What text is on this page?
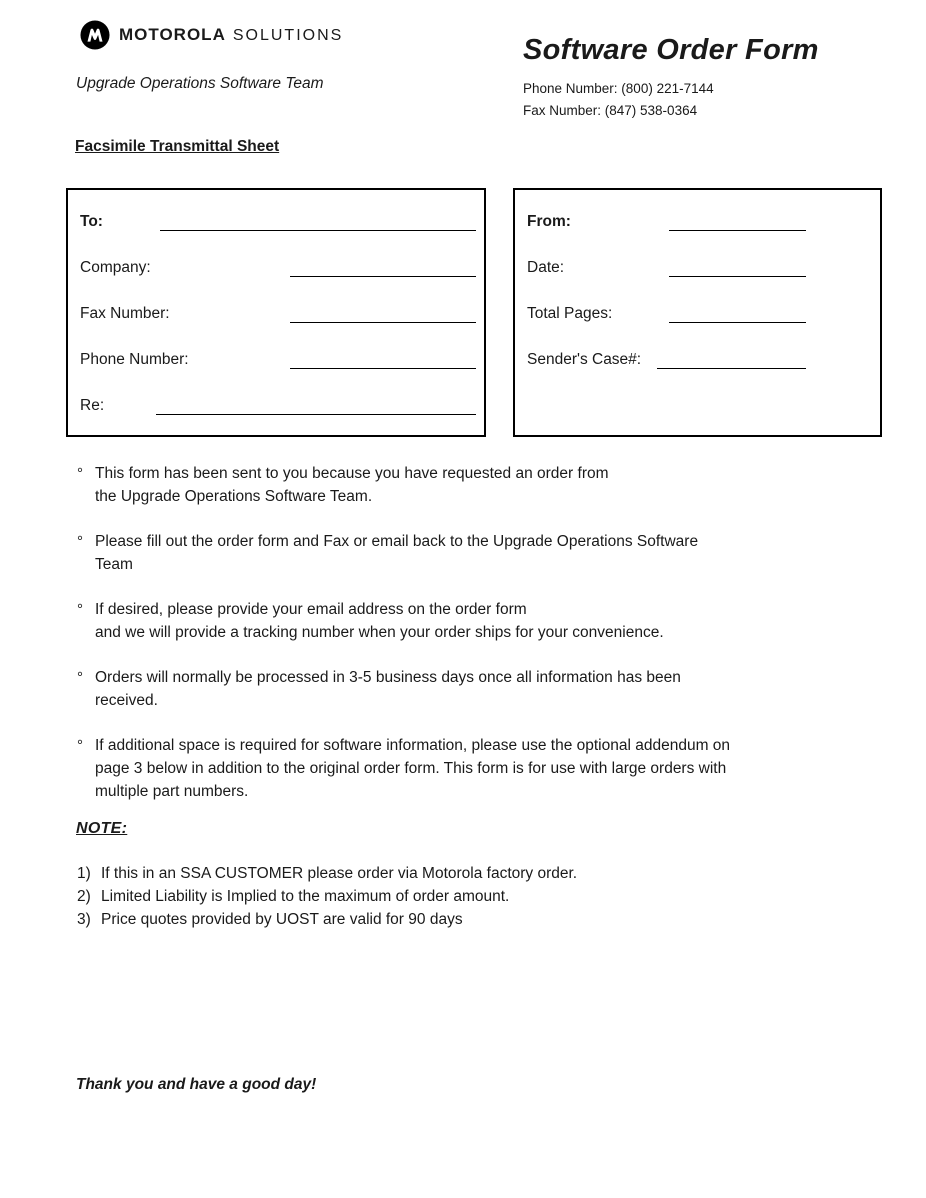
MOTOROLA SOLUTIONS
Upgrade Operations Software Team
Software Order Form
Phone Number: (800) 221-7144
Fax Number: (847) 538-0364
Facsimile Transmittal Sheet
To:
Company:
Fax Number:
Phone Number:
Re:
From:
Date:
Total Pages:
Sender's Case#:
° This form has been sent to you because you have requested an order from
the Upgrade Operations Software Team.
° Please fill out the order form and Fax or email back to the Upgrade Operations Software
Team
° If desired, please provide your email address on the order form
and we will provide a tracking number when your order ships for your convenience.
° Orders will normally be processed in 3-5 business days once all information has been
received.
° If additional space is required for software information, please use the optional addendum on
page 3 below in addition to the original order form. This form is for use with large orders with
multiple part numbers.
NOTE:
1) If this in an SSA CUSTOMER please order via Motorola factory order.
2) Limited Liability is Implied to the maximum of order amount.
3) Price quotes provided by UOST are valid for 90 days
Thank you and have a good day!
